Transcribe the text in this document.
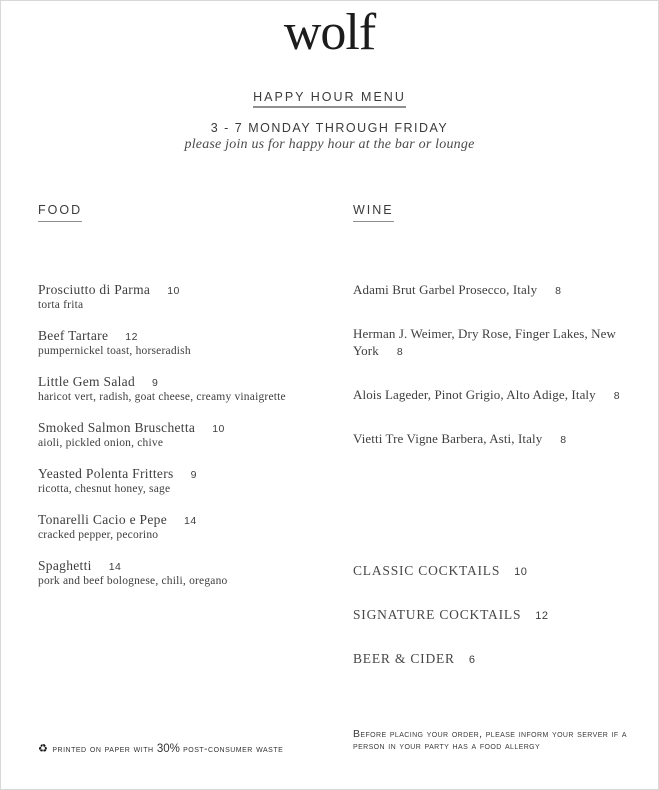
wolf
HAPPY HOUR MENU
3 - 7 MONDAY THROUGH FRIDAY
please join us for happy hour at the bar or lounge
FOOD
Prosciutto di Parma 10
torta frita
Beef Tartare 12
pumpernickel toast, horseradish
Little Gem Salad 9
haricot vert, radish, goat cheese, creamy vinaigrette
Smoked Salmon Bruschetta 10
aioli, pickled onion, chive
Yeasted Polenta Fritters 9
ricotta, chesnut honey, sage
Tonarelli Cacio e Pepe 14
cracked pepper, pecorino
Spaghetti 14
pork and beef bolognese, chili, oregano
WINE
Adami Brut Garbel Prosecco, Italy 8
Herman J. Weimer, Dry Rose, Finger Lakes, New York 8
Alois Lageder, Pinot Grigio, Alto Adige, Italy 8
Vietti Tre Vigne Barbera, Asti, Italy 8
CLASSIC COCKTAILS 10
SIGNATURE COCKTAILS 12
BEER & CIDER 6
♻ printed on paper with 30% post-consumer waste
Before placing your order, please inform your server if a person in your party has a food allergy
